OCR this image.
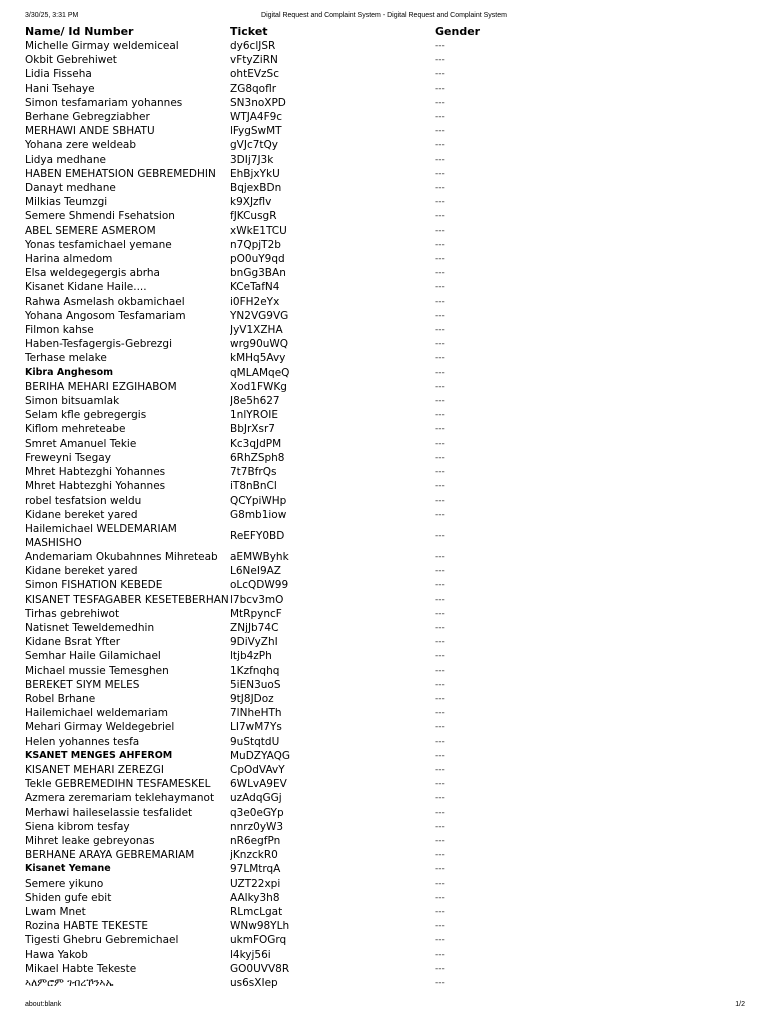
3/30/25, 3:31 PM	Digital Request and Complaint System - Digital Request and Complaint System
Name/ Id Number	Ticket	Gender
Michelle Girmay weldemiceal	dy6clJSR	---
Okbit Gebrehiwet	vFtyZiRN	---
Lidia Fisseha	ohtEVzSc	---
Hani Tsehaye	ZG8qoflr	---
Simon tesfamariam yohannes	SN3noXPD	---
Berhane Gebregziabher	WTJA4F9c	---
MERHAWI ANDE SBHATU	lFygSwMT	---
Yohana zere weldeab	gVJc7tQy	---
Lidya medhane	3DIj7J3k	---
HABEN EMEHATSION GEBREMEDHIN	EhBjxYkU	---
Danayt medhane	BqjexBDn	---
Milkias Teumzgi	k9XJzflv	---
Semere Shmendi Fsehatsion	fJKCusgR	---
ABEL SEMERE ASMEROM	xWkE1TCU	---
Yonas tesfamichael yemane	n7QpjT2b	---
Harina almedom	pO0uY9qd	---
Elsa weldegegergis abrha	bnGg3BAn	---
Kisanet Kidane Haile....	KCeTafN4	---
Rahwa Asmelash okbamichael	i0FH2eYx	---
Yohana Angosom Tesfamariam	YN2VG9VG	---
Filmon kahse	JyV1XZHA	---
Haben-Tesfagergis-Gebrezgi	wrg90uWQ	---
Terhase melake	kMHq5Avy	---
Kibra Anghesom	qMLAMqeQ	---
BERIHA MEHARI EZGIHABOM	Xod1FWKg	---
Simon bitsuamlak	J8e5h627	---
Selam kfle gebregergis	1nlYROIE	---
Kiflom mehreteabe	BbJrXsr7	---
Smret Amanuel Tekie	Kc3qJdPM	---
Freweyni Tsegay	6RhZSph8	---
Mhret Habtezghi Yohannes	7t7BfrQs	---
Mhret Habtezghi Yohannes	iT8nBnCl	---
robel tesfatsion weldu	QCYpiWHp	---
Kidane bereket yared	G8mb1iow	---
Hailemichael WELDEMARIAM MASHISHO	ReEFY0BD	---
Andemariam Okubahnnes Mihreteab	aEMWByhk	---
Kidane bereket yared	L6NeI9AZ	---
Simon FISHATION KEBEDE	oLcQDW99	---
KISANET TESFAGABER KESETEBERHAN	l7bcv3mO	---
Tirhas gebrehiwot	MtRpyncF	---
Natisnet Teweldemedhin	ZNjJb74C	---
Kidane Bsrat Yfter	9DiVyZhI	---
Semhar Haile Gilamichael	ltjb4zPh	---
Michael mussie Temesghen	1Kzfnqhq	---
BEREKET SIYM MELES	5iEN3uoS	---
Robel Brhane	9tJ8JDoz	---
Hailemichael weldemariam	7lNheHTh	---
Mehari Girmay Weldegebriel	LI7wM7Ys	---
Helen yohannes tesfa	9uStqtdU	---
KSANET MENGES AHFEROM	MuDZYAQG	---
KISANET MEHARI ZEREZGI	CpOdVAvY	---
Tekle GEBREMEDIHN TESFAMESKEL	6WLvA9EV	---
Azmera zeremariam teklehaymanot	uzAdqGGj	---
Merhawi haileselassie tesfalidet	q3e0eGYp	---
Siena kibrom tesfay	nnrz0yW3	---
Mihret leake gebreyonas	nR6egfPn	---
BERHANE ARAYA GEBREMARIAM	jKnzckR0	---
Kisanet Yemane	97LMtrqA	---
Semere yikuno	UZT22xpi	---
Shiden gufe ebit	AAlky3h8	---
Lwam Mnet	RLmcLgat	---
Rozina HABTE TEKESTE	WNw98YLh	---
Tigesti Ghebru Gebremichael	ukmFOGrq	---
Hawa Yakob	l4kyj56i	---
Mikael Habte Tekeste	GO0UVV8R	---
ኣለምሮም ገብረኾንኣኤ	us6sXIep	---
about:blank	1/2
